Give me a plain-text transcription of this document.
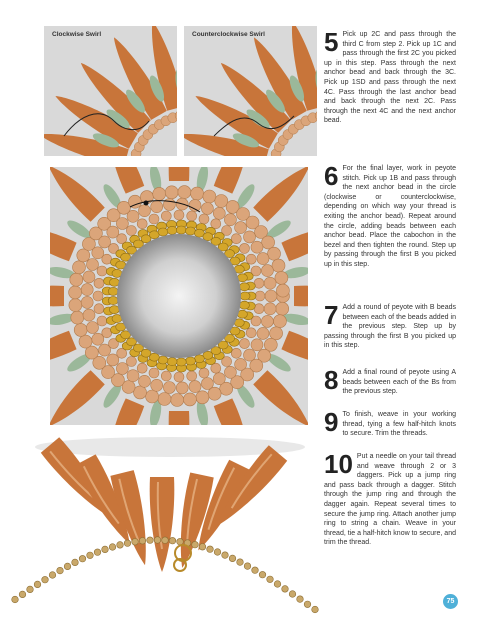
Clockwise Swirl	Counterclockwise Swirl 5 Pick up 2C and pass through the third C from step 2. Pick up 1C and pass through the first 2C you picked up in this step. Pass through the next anchor bead and back through the 3C. Pick up 1SD and pass through the next 4C. Pass through the last anchor bead and back through the next 2C. Pass through the next 4C and the next anchor bead.
6 For the final layer, work in peyote stitch. Pick up 1B and pass through the next anchor bead in the circle (clockwise or counterclockwise, depending on which way your thread is exiting the anchor bead). Repeat around the circle, adding beads between each anchor bead. Place the cabochon in the bezel and then tighten the round. Step up by passing through the first B you picked up in this step.
7 Add a round of peyote with B beads between each of the beads added in the previous step. Step up by passing through the first B you picked up in this step.
8 Add a final round of peyote using A beads between each of the Bs from the previous step.
9 To finish, weave in your working thread, tying a few half-hitch knots to secure. Trim the threads.
10 Put a needle on your tail thread and weave through 2 or 3 daggers. Pick up a jump ring and pass back through a dagger. Stitch through the jump ring and through the dagger again. Repeat several times to secure the jump ring. Attach another jump ring to string a chain. Weave in your thread, tie a half-hitch know to secure, and trim the thread.
75
